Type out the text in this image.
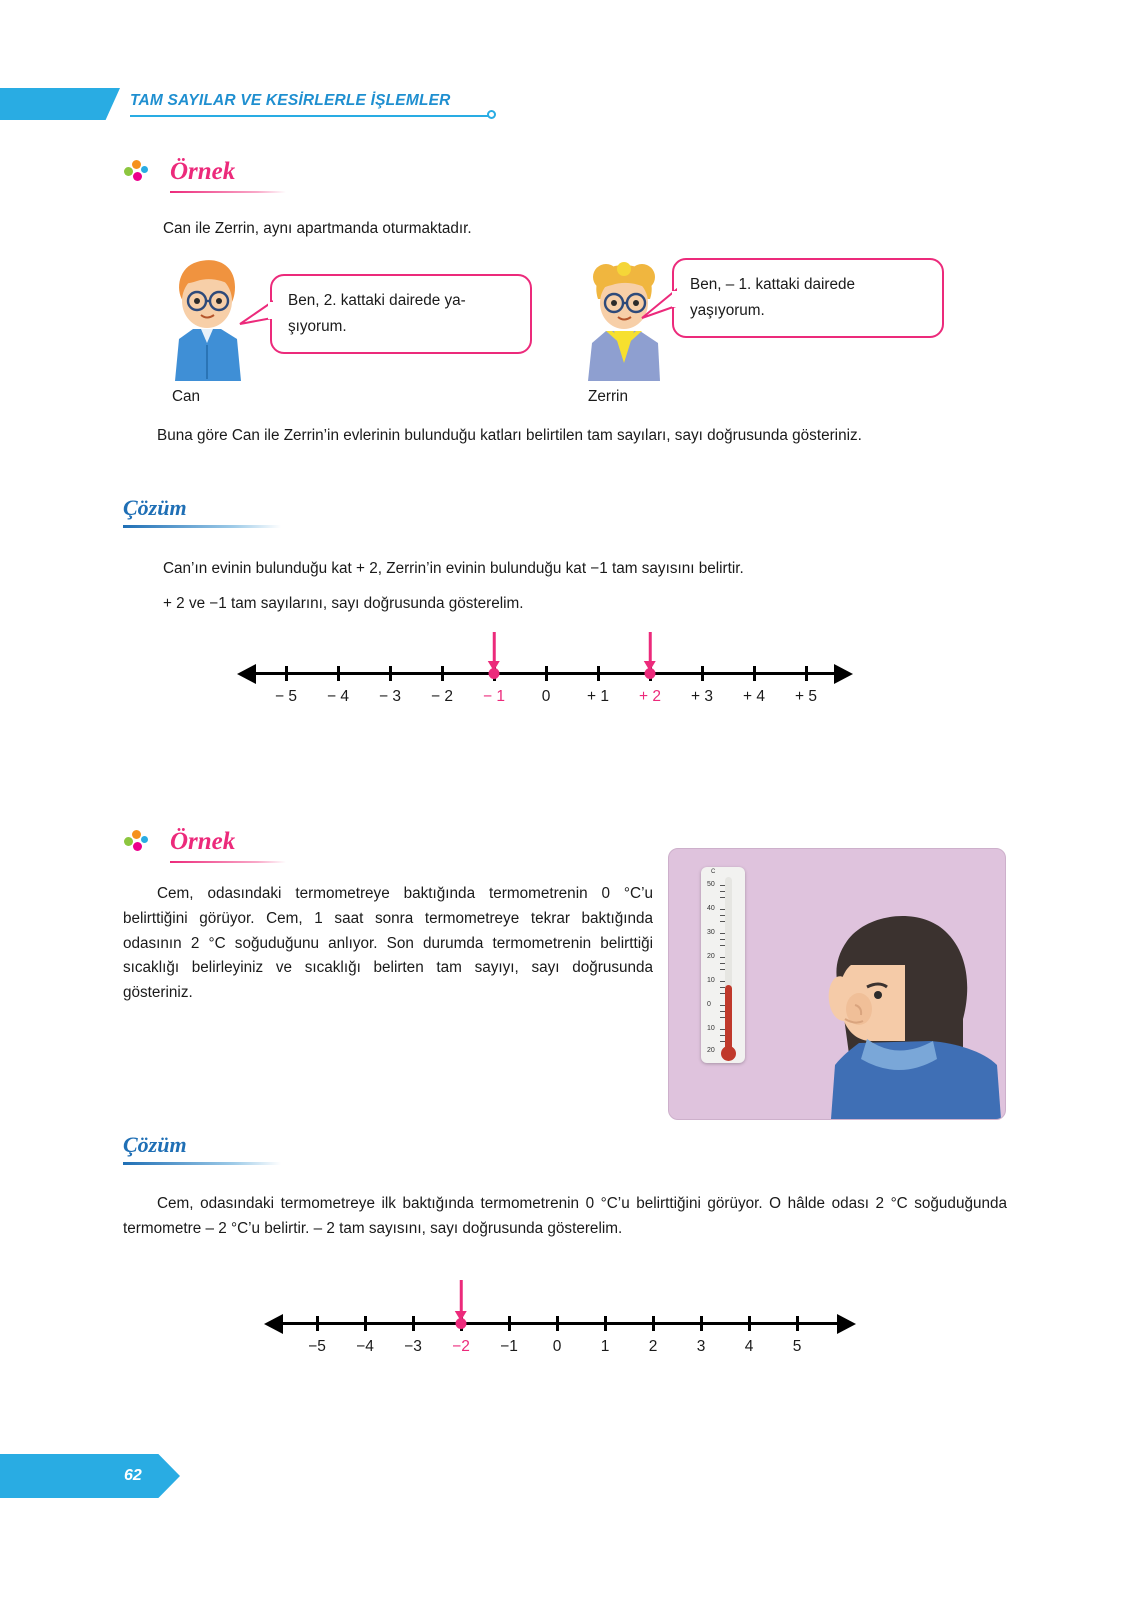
TAM SAYILAR VE KESİRLERLE İŞLEMLER
Örnek
Can ile Zerrin, aynı apartmanda oturmaktadır.
Can
Ben, 2. kattaki dairede ya-
şıyorum.
Zerrin
Ben, – 1. kattaki dairede
yaşıyorum.
Buna göre Can ile Zerrin’in evlerinin bulunduğu katları belirtilen tam sayıları, sayı doğrusunda gösteriniz.
Çözüm
Can’ın evinin bulunduğu kat + 2, Zerrin’in evinin bulunduğu kat −1 tam sayısını belirtir.
+ 2 ve −1 tam sayılarını, sayı doğrusunda gösterelim.
− 5 − 4 − 3 − 2 − 1 0 + 1 + 2 + 3 + 4 + 5
Örnek
Cem, odasındaki termometreye baktığında termometrenin 0 °C’u belirttiğini görüyor. Cem, 1 saat sonra termometreye tekrar baktığında odasının 2 °C soğuduğunu anlıyor. Son durumda termometrenin belirttiği sıcaklığı belirleyiniz ve sıcaklığı belirten tam sayıyı, sayı doğrusunda gösteriniz.
C
50
40
30
20
10
0
10
20
Çözüm
Cem, odasındaki termometreye ilk baktığında termometrenin 0 °C’u belirttiğini görüyor. O hâlde odası 2 °C soğuduğunda termometre – 2 °C’u belirtir. – 2 tam sayısını, sayı doğrusunda gösterelim.
−5 −4 −3 −2 −1 0	1	2	3	4	5
62
